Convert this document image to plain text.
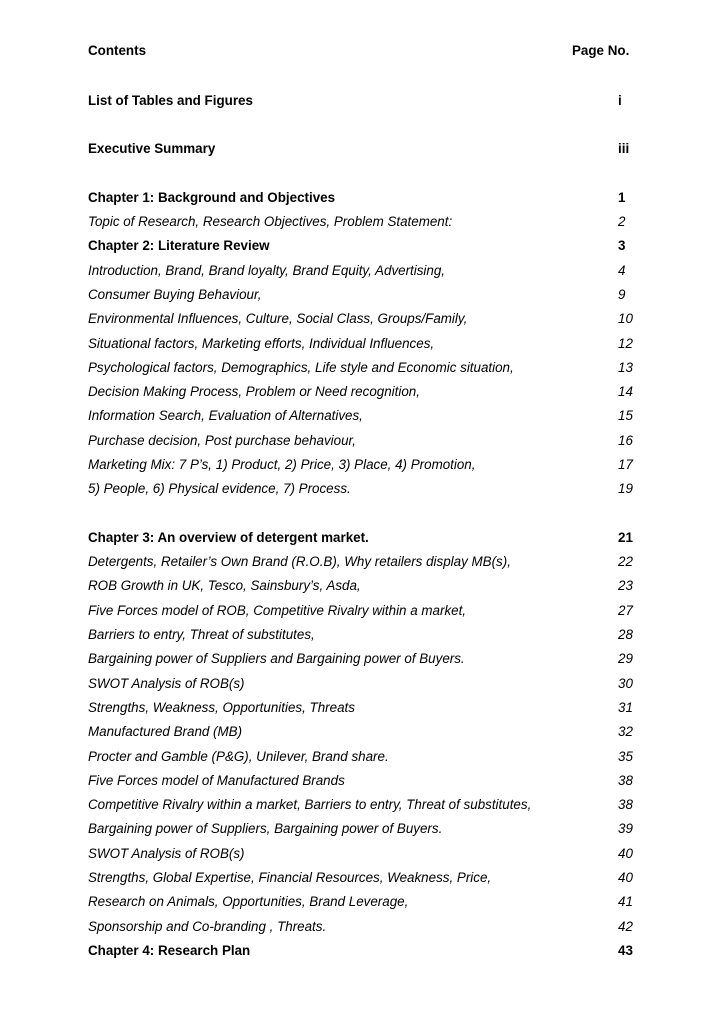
Contents	Page No.
List of Tables and Figures	i
Executive Summary	iii
Chapter 1: Background and Objectives	1
Topic of Research, Research Objectives, Problem Statement:	2
Chapter 2: Literature Review	3
Introduction, Brand, Brand loyalty, Brand Equity, Advertising,	4
Consumer Buying Behaviour,	9
Environmental Influences, Culture, Social Class, Groups/Family,	10
Situational factors, Marketing efforts, Individual Influences,	12
Psychological factors, Demographics, Life style and Economic situation,	13
Decision Making Process, Problem or Need recognition,	14
Information Search, Evaluation of Alternatives,	15
Purchase decision, Post purchase behaviour,	16
Marketing Mix: 7 P’s, 1) Product, 2) Price, 3) Place, 4) Promotion,	17
5) People, 6) Physical evidence, 7) Process.	19
Chapter 3: An overview of detergent market.	21
Detergents, Retailer’s Own Brand (R.O.B), Why retailers display MB(s),	22
ROB Growth in UK, Tesco, Sainsbury’s, Asda,	23
Five Forces model of ROB, Competitive Rivalry within a market,	27
Barriers to entry, Threat of substitutes,	28
Bargaining power of Suppliers and Bargaining power of Buyers.	29
SWOT Analysis of ROB(s)	30
Strengths, Weakness, Opportunities, Threats	31
Manufactured Brand (MB)	32
Procter and Gamble (P&G), Unilever, Brand share.	35
Five Forces model of Manufactured Brands	38
Competitive Rivalry within a market, Barriers to entry, Threat of substitutes,	38
Bargaining power of Suppliers, Bargaining power of Buyers.	39
SWOT Analysis of ROB(s)	40
Strengths, Global Expertise, Financial Resources, Weakness, Price,	40
Research on Animals, Opportunities, Brand Leverage,	41
Sponsorship and Co-branding , Threats.	42
Chapter 4: Research Plan	43
